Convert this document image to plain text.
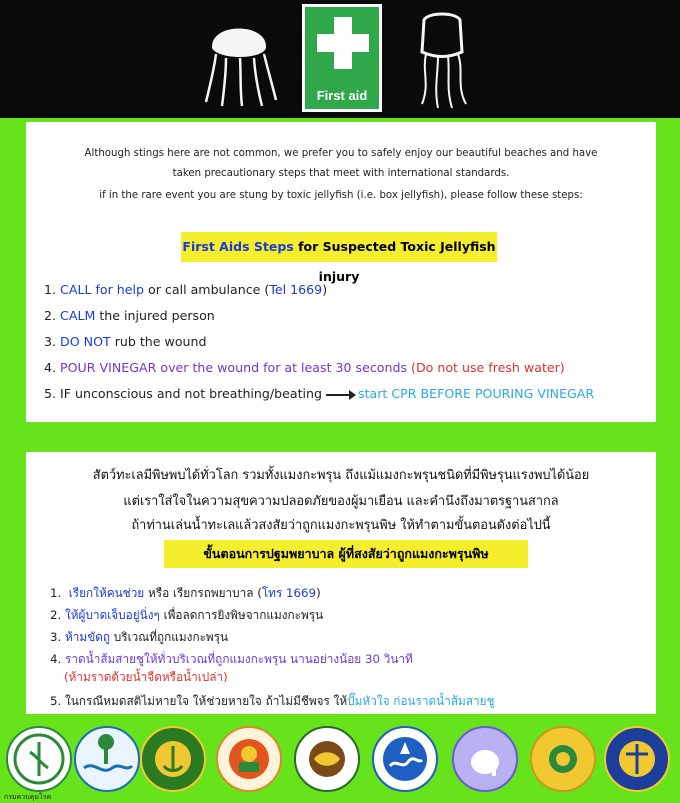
First aid
Although stings here are not common, we prefer you to safely enjoy our beautiful beaches and have
taken precautionary steps that meet with international standards.
if in the rare event you are stung by toxic jellyfish (i.e. box jellyfish), please follow these steps:
First Aids Steps for Suspected Toxic Jellyfish injury
1. CALL for help or call ambulance (Tel 1669)
2. CALM the injured person
3. DO NOT rub the wound
4. POUR VINEGAR over the wound for at least 30 seconds (Do not use fresh water)
5. IF unconscious and not breathing/beating	start CPR BEFORE POURING VINEGAR
สัตว์ทะเลมีพิษพบได้ทั่วโลก รวมทั้งแมงกะพรุน ถึงแม้แมงกะพรุนชนิดที่มีพิษรุนแรงพบได้น้อย
แต่เราใส่ใจในความสุขความปลอดภัยของผู้มาเยือน และคำนึงถึงมาตรฐานสากล
ถ้าท่านเล่นน้ำทะเลแล้วสงสัยว่าถูกแมงกะพรุนพิษ ให้ทำตามขั้นตอนดังต่อไปนี้
ขั้นตอนการปฐมพยาบาล ผู้ที่สงสัยว่าถูกแมงกะพรุนพิษ
1. เรียกให้คนช่วย หรือ เรียกรถพยาบาล (โทร 1669)
2. ให้ผู้บาดเจ็บอยู่นิ่งๆ เพื่อลดการยิงพิษจากแมงกะพรุน
3. ห้ามขัดถู บริเวณที่ถูกแมงกะพรุน
4. ราดน้ำส้มสายชูให้ทั่วบริเวณที่ถูกแมงกะพรุน นานอย่างน้อย 30 วินาที
(ห้ามราดด้วยน้ำจืดหรือน้ำเปล่า)
5. ในกรณีหมดสติไม่หายใจ ให้ช่วยหายใจ ถ้าไม่มีชีพจร ให้ปั๊มหัวใจ ก่อนราดน้ำส้มสายชู
กรมควบคุมโรค
